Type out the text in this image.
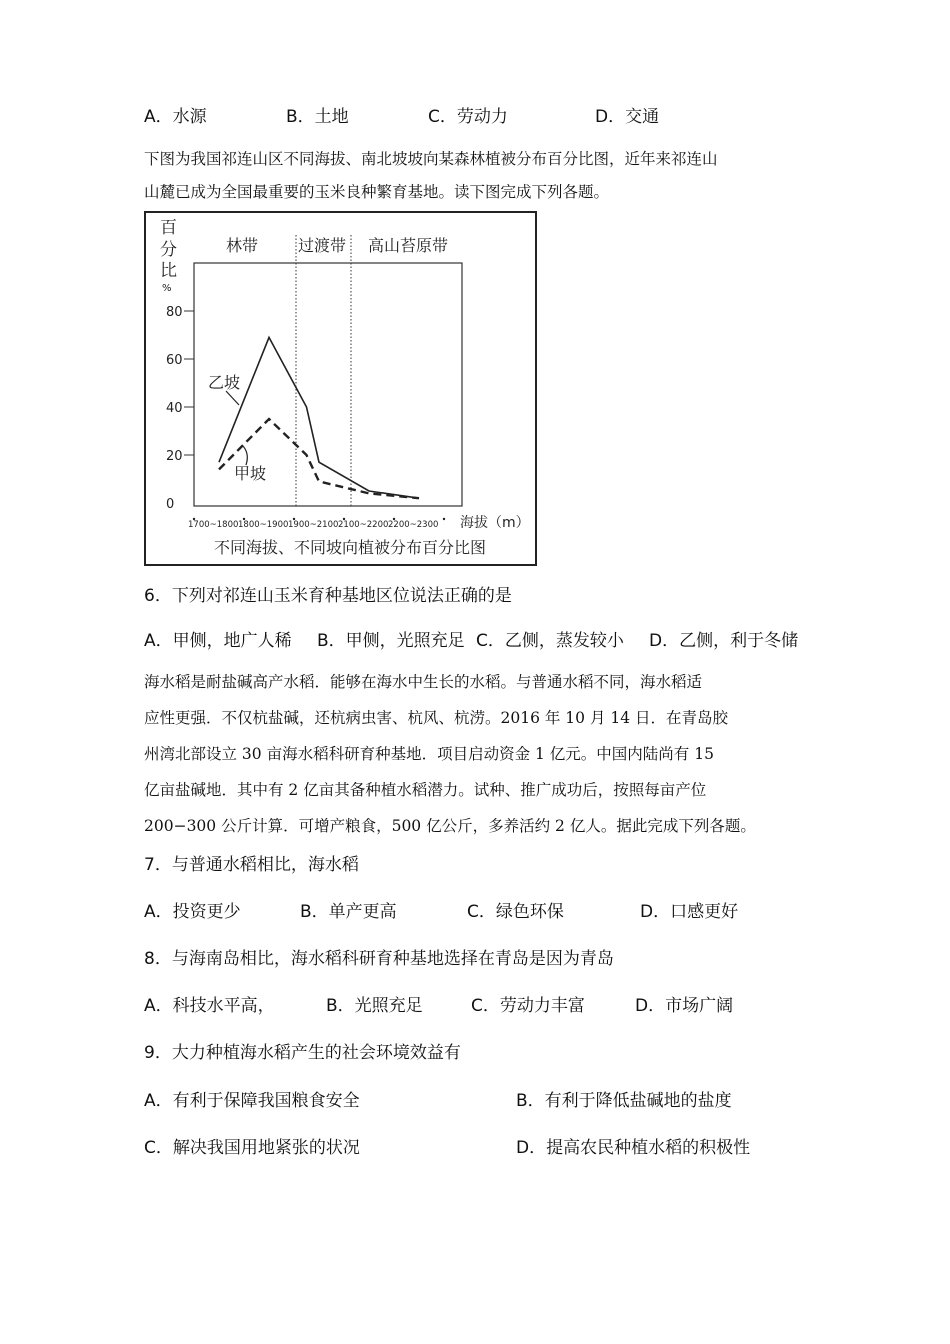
A．水源	B．土地	C．劳动力	D．交通
下图为我国祁连山区不同海拔、南北坡坡向某森林植被分布百分比图，近年来祁连山
山麓已成为全国最重要的玉米良种繁育基地。读下图完成下列各题。
百
分
比
%
林带 过渡带 高山苔原带
0
20
40
60
80
1700~1800 1800~1900 1900~2100 2100~2200 2200~2300 海拔（m）
不同海拔、不同坡向植被分布百分比图
乙坡
甲坡
6．下列对祁连山玉米育种基地区位说法正确的是
A．甲侧，地广人稀 B．甲侧，光照充足 C．乙侧，蒸发较小 D．乙侧，利于冬储
海水稻是耐盐碱高产水稻．能够在海水中生长的水稻。与普通水稻不同，海水稻适
应性更强．不仅杭盐碱，还杭病虫害、杭风、杭涝。2016 年 10 月 14 日．在青岛胶
州湾北部设立 30 亩海水稻科研育种基地．项目启动资金 1 亿元。中国内陆尚有 15
亿亩盐碱地．其中有 2 亿亩其备种植水稻潜力。试种、推广成功后，按照每亩产位
200−300 公斤计算．可增产粮食，500 亿公斤，多养活约 2 亿人。据此完成下列各题。
7．与普通水稻相比，海水稻
A．投资更少	B．单产更高	C．绿色环保	D．口感更好
8．与海南岛相比，海水稻科研育种基地选择在青岛是因为青岛
A．科技水平高，	B．光照充足	C．劳动力丰富	D．市场广阔
9．大力种植海水稻产生的社会环境效益有
A．有利于保障我国粮食安全	B．有利于降低盐碱地的盐度
C．解决我国用地紧张的状况	D．提高农民种植水稻的积极性
